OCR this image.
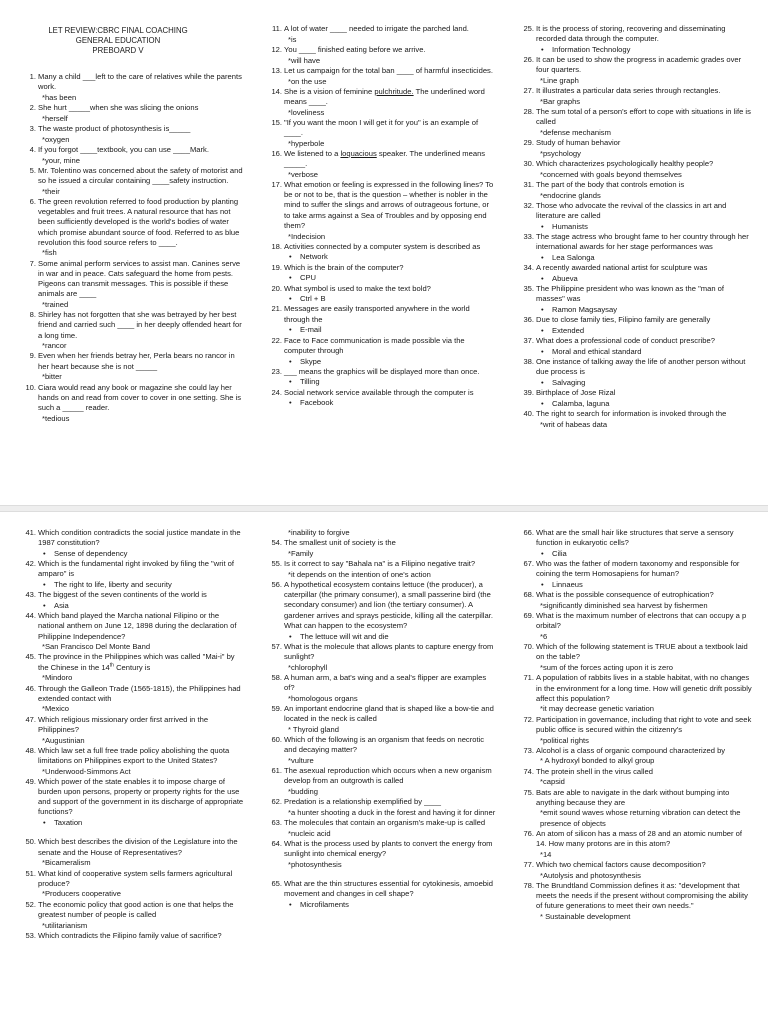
LET REVIEW:CBRC FINAL COACHING
GENERAL EDUCATION
PREBOARD V
1. Many a child ___left to the care of relatives while the parents work.
*has been
2. She hurt _____when she was slicing the onions
*herself
3. The waste product of photosynthesis is_____
*oxygen
4. If you forgot ____textbook, you can use ____Mark.
*your, mine
5. Mr. Tolentino was concerned about the safety of motorist and so he issued a circular containing ____safety instruction.
*their
6. The green revolution referred to food production by planting vegetables and fruit trees. A natural resource that has not been sufficiently developed is the world's bodies of water which promise abundant source of food. Referred to as blue revolution this food source refers to ____.
*fish
7. Some animal perform services to assist man. Canines serve in war and in peace. Cats safeguard the home from pests. Pigeons can transmit messages. This is possible if these animals are ____
*trained
8. Shirley has not forgotten that she was betrayed by her best friend and carried such ____ in her deeply offended heart for a long time.
*rancor
9. Even when her friends betray her, Perla bears no rancor in her heart because she is not _____
*bitter
10. Ciara would read any book or magazine she could lay her hands on and read from cover to cover in one setting. She is such a _____ reader.
*tedious
11. A lot of water ____ needed to irrigate the parched land.
*is
12. You ____ finished eating before we arrive.
*will have
13. Let us campaign for the total ban ____ of harmful insecticides.
*on the use
14. She is a vision of feminine pulchritude. The underlined word means ____.
*loveliness
15. "If you want the moon I will get it for you" is an example of ____.
*hyperbole
16. We listened to a loquacious speaker. The underlined means _____.
*verbose
17. What emotion or feeling is expressed in the following lines? To be or not to be, that is the question – whether is nobler in the mind to suffer the slings and arrows of outrageous fortune, or to take arms against a Sea of Troubles and by opposing end them?
*Indecision
18. Activities connected by a computer system is described as
• Network
19. Which is the brain of the computer?
• CPU
20. What symbol is used to make the text bold?
• Ctrl + B
21. Messages are easily transported anywhere in the world through the
• E-mail
22. Face to Face communication is made possible via the computer through
• Skype
23. ___ means the graphics will be displayed more than once.
• Tilling
24. Social network service available through the computer is
• Facebook
25. It is the process of storing, recovering and disseminating recorded data through the computer.
• Information Technology
26. It can be used to show the progress in academic grades over four quarters.
*Line graph
27. It illustrates a particular data series through rectangles.
*Bar graphs
28. The sum total of a person's effort to cope with situations in life is called
*defense mechanism
29. Study of human behavior
*psychology
30. Which characterizes psychologically healthy people?
*concerned with goals beyond themselves
31. The part of the body that controls emotion is
*endocrine glands
32. Those who advocate the revival of the classics in art and literature are called
• Humanists
33. The stage actress who brought fame to her country through her international awards for her stage performances was
• Lea Salonga
34. A recently awarded national artist for sculpture was
• Abueva
35. The Philippine president who was known as the "man of masses" was
• Ramon Magsaysay
36. Due to close family ties, Filipino family are generally
• Extended
37. What does a professional code of conduct prescribe?
• Moral and ethical standard
38. One instance of talking away the life of another person without due process is
• Salvaging
39. Birthplace of Jose Rizal
• Calamba, laguna
40. The right to search for information is invoked through the
*writ of habeas data
41. Which condition contradicts the social justice mandate in the 1987 constitution?
• Sense of dependency
42. Which is the fundamental right invoked by filing the "writ of amparo" is
• The right to life, liberty and security
43. The biggest of the seven continents of the world is
• Asia
44. Which band played the Marcha national Filipino or the national anthem on June 12, 1898 during the declaration of Philippine Independence?
*San Francisco Del Monte Band
45. The province in the Philippines which was called "Mai-i" by the Chinese in the 14th Century is
*Mindoro
46. Through the Galleon Trade (1565-1815), the Philippines had extended contact with
*Mexico
47. Which religious missionary order first arrived in the Philippines?
*Augustinian
48. Which law set a full free trade policy abolishing the quota limitations on Philippines export to the United States?
*Underwood-Simmons Act
49. Which power of the state enables it to impose charge of burden upon persons, property or property rights for the use and support of the government in its discharge of appropriate functions?
• Taxation
50. Which best describes the division of the Legislature into the senate and the House of Representatives?
*Bicameralism
51. What kind of cooperative system sells farmers agricultural produce?
*Producers cooperative
52. The economic policy that good action is one that helps the greatest number of people is called
*utilitarianism
53. Which contradicts the Filipino family value of sacrifice?
*inability to forgive
54. The smallest unit of society is the
*Family
55. Is it correct to say "Bahala na" is a Filipino negative trait?
*it depends on the intention of one's action
56. A hypothetical ecosystem contains lettuce (the producer), a caterpillar (the primary consumer), a small passerine bird (the secondary consumer) and lion (the tertiary consumer). A gardener arrives and sprays pesticide, killing all the caterpillar. What can happen to the ecosystem?
• The lettuce will wit and die
57. What is the molecule that allows plants to capture energy from sunlight?
*chlorophyll
58. A human arm, a bat's wing and a seal's flipper are examples of?
*homologous organs
59. An important endocrine gland that is shaped like a bow-tie and located in the neck is called
* Thyroid gland
60. Which of the following is an organism that feeds on necrotic and decaying matter?
*vulture
61. The asexual reproduction which occurs when a new organism develop from an outgrowth is called
*budding
62. Predation is a relationship exemplified by ____
*a hunter shooting a duck in the forest and having it for dinner
63. The molecules that contain an organism's make-up is called
*nucleic acid
64. What is the process used by plants to convert the energy from sunlight into chemical energy?
*photosynthesis
65. What are the thin structures essential for cytokinesis, amoebid movement and changes in cell shape?
• Microfilaments
66. What are the small hair like structures that serve a sensory function in eukaryotic cells?
• Cilia
67. Who was the father of modern taxonomy and responsible for coining the term Homosapiens for human?
• Linnaeus
68. What is the possible consequence of eutrophication?
*significantly diminished sea harvest by fishermen
69. What is the maximum number of electrons that can occupy a p orbital?
*6
70. Which of the following statement is TRUE about a textbook laid on the table?
*sum of the forces acting upon it is zero
71. A population of rabbits lives in a stable habitat, with no changes in the environment for a long time. How will genetic drift possibly affect this population?
*it may decrease genetic variation
72. Participation in governance, including that right to vote and seek public office is secured within the citizenry's
*political rights
73. Alcohol is a class of organic compound characterized by
* A hydroxyl bonded to alkyl group
74. The protein shell in the virus called
*capsid
75. Bats are able to navigate in the dark without bumping into anything because they are
*emit sound waves whose returning vibration can detect the presence of objects
76. An atom of silicon has a mass of 28 and an atomic number of 14. How many protons are in this atom?
*14
77. Which two chemical factors cause decomposition?
*Autolysis and photosynthesis
78. The Brundtland Commission defines it as: "development that meets the needs if the present without compromising the ability of future generations to meet their own needs."
* Sustainable development
